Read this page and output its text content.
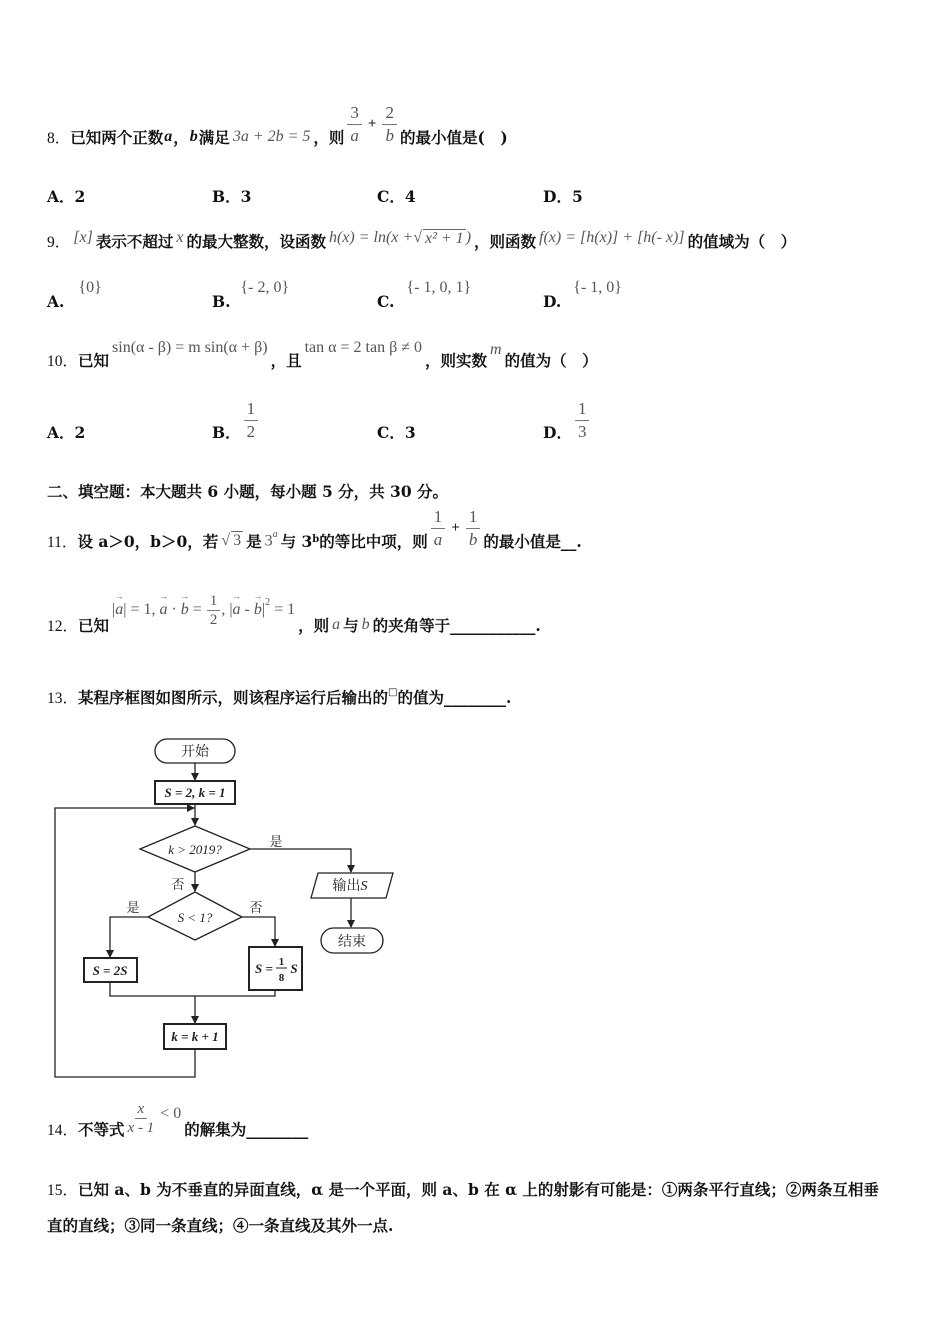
8． 已知两个正数 a ， b 满足 3a + 2b = 5 ，则 $\frac{3}{a} + \frac{2}{b}$ 的最小值是(　)
A． 2	B． 3	C． 4	D． 5
9． [x] 表示不超过 x 的最大整数，设函数 h(x) = ln(x + √ x² + 1 ) ，则函数 f(x) = [h(x)] + [h(- x)] 的值域为（　）
A.
{0}
B.
{- 2, 0}
C.
{- 1, 0, 1}
D.
{- 1, 0}
10． 已知
sin(α - β) = m sin(α + β)
，且
tan α = 2 tan β ≠ 0
，则实数
m
的值为（　）
A． 2	B． $\frac{1}{2}$	C． 3	D． $\frac{1}{3}$
二、填空题：本大题共 6 小题，每小题 5 分，共 30 分。
11． 设 a＞0，b＞0，若 √ 3 是 3$^a$ 与 3$^b$ 的等比中项，则 $\frac{1}{a} + \frac{1}{b}$ 的最小值是__.
12． 已知
| → a | = 1, → a · → $b = \frac{1}{2}$ , | → a - → b $|^2 = 1$
，则 a 与 b 的夹角等于 ___________ .
13． 某程序框图如图所示，则该程序运行后输出的 □ 的值为 ________ .
开始
S = 2, k = 1
k > 2019?	是
输出S
结束
否
S < 1?
是	否
S = 2S	S = 1
8
S
k = k + 1
14． 不等式 $\frac{x}{x - 1} < 0$
的解集为 ________
15． 已知 a、b 为不垂直的异面直线，α 是一个平面，则 a、b 在 α 上的射影有可能是：①两条平行直线；②两条互相垂
直的直线；③同一条直线；④一条直线及其外一点.
